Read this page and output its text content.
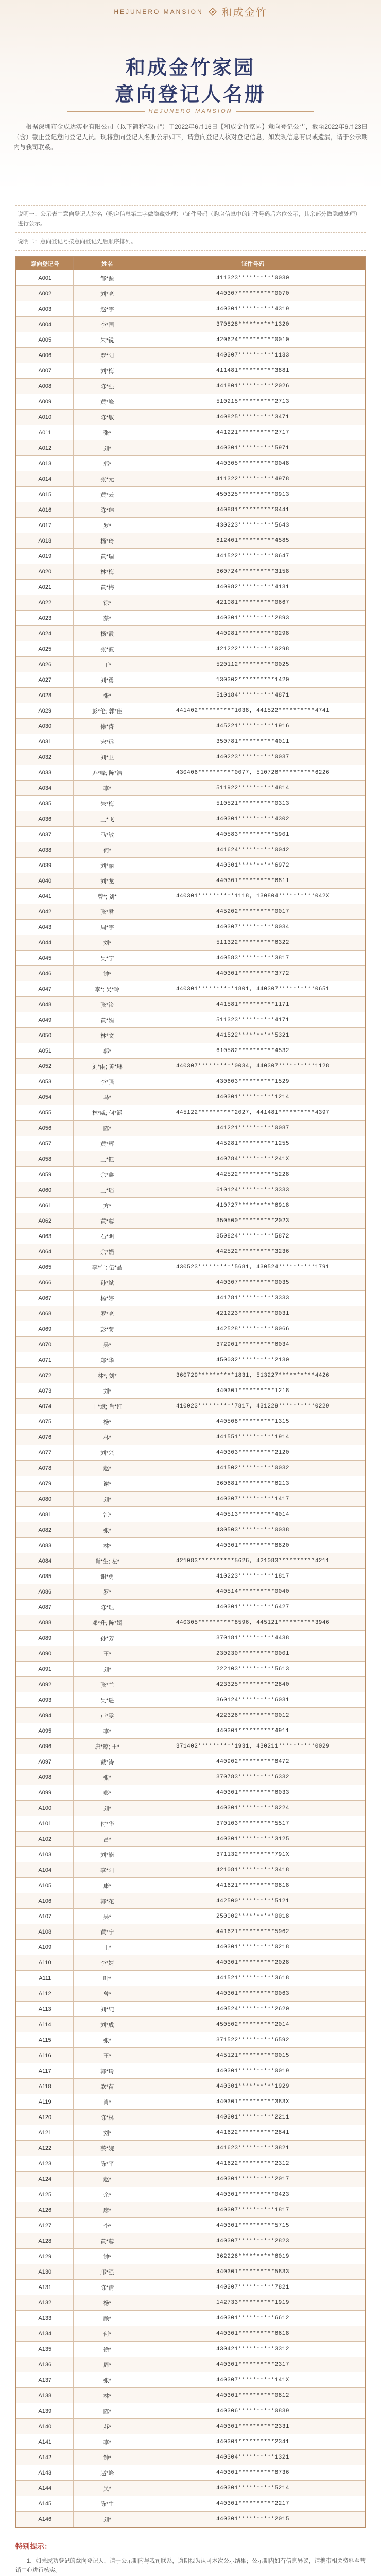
HEJUNERO MANSION 和成金竹
和成金竹家园
意向登记人名册
HEJUNERO MANSION
根据深圳市金成达实业有限公司（以下简称“我司”）于2022年6月16日【和成金竹家园】意向登记公告，截至2022年6月23日（含）截止登记意向登记人员。现将意向登记人名册公示如下，请意向登记人核对登记信息，如发现信息有误或遗漏，请于公示期内与我司联系。
说明一：公示表中意向登记人姓名（购房信息第二字做隐藏处理）+证件号码（购房信息中的证件号码后六位公示，其余部分做隐藏处理）进行公示。
说明二：意向登记号按意向登记先后顺序排列。
意向登记号	姓名	证件号码
A001	邹*源	411323**********0030
A002	刘*亮	440307**********0070
A003	赵*宇	440301**********4319
A004	李*国	370828**********1320
A005	朱*锐	420624**********0010
A006	罗*阳	440307**********1133
A007	刘*梅	411481**********3881
A008	陈*强	441801**********2026
A009	黄*峰	510215**********2713
A010	陈*敏	440825**********3471
A011	张*	441221**********2717
A012	刘*	440301**********5971
A013	郭*	440305**********0048
A014	张*元	411322**********4978
A015	黄*云	450325**********0913
A016	陈*玮	440881**********0441
A017	罗*	430223**********5643
A018	杨*琦	612401**********4585
A019	黄*瑞	441522**********0647
A020	林*梅	360724**********3158
A021	黄*梅	440982**********4131
A022	徐*	421081**********0667
A023	蔡*	440301**********2893
A024	杨*霞	440981**********0298
A025	张*波	421222**********0298
A026	丁*	520112**********0025
A027	刘*勇	130302**********1420
A028	张*	510184**********4871
A029	彭*伦; 郭*佳	441402**********1038, 441522**********4741
A030	徐*涛	445221**********1916
A031	宋*远	350781**********4011
A032	刘*卫	440223**********0037
A033	苏*峰; 陈*浩	430406**********0077, 510726**********6226
A034	李*	511922**********4814
A035	朱*梅	510521**********0313
A036	王*飞	440301**********4302
A037	马*敏	440583**********5901
A038	何*	441624**********0042
A039	刘*丽	440301**********6972
A040	刘*龙	440301**********6811
A041	曾*; 刘*	440301**********1118, 130804**********042X
A042	张*君	445202**********0017
A043	周*宇	440307**********0034
A044	刘*	511322**********6322
A045	吴*宁	440583**********3817
A046	钟*	440301**********3772
A047	李*; 吴*玲	440301**********1801, 440307**********0651
A048	张*淦	441581**********1171
A049	黄*娟	511323**********4171
A050	林*文	441522**********5321
A051	郭*	610582**********4532
A052	刘*雨; 黄*琳	440307**********0034, 440307**********1128
A053	李*强	430603**********1529
A054	马*	440301**********1214
A055	林*威; 何*涵	445122**********2027, 441481**********4397
A056	陈*	441221**********0087
A057	黄*辉	445281**********1255
A058	王*钰	440784**********241X
A059	余*鑫	442522**********5228
A060	王*瑶	610124**********3333
A061	方*	410727**********6918
A062	黄*蓉	350500**********2023
A063	石*明	350824**********5872
A064	余*娟	442522**********3236
A065	李*仁; 伍*晶	430523**********5681, 430524**********1791
A066	孙*斌	440307**********0035
A067	杨*婷	441781**********3333
A068	罗*亮	421223**********0031
A069	彭*菊	442528**********0066
A070	吴*	372901**********6034
A071	郑*华	450032**********2130
A072	林*; 刘*	360729**********1831, 513227**********4426
A073	刘*	440301**********1218
A074	王*斌; 肖*红	410023**********7817, 431229**********0229
A075	杨*	440508**********1315
A076	林*	441551**********1914
A077	刘*兴	440303**********2120
A078	赵*	441502**********0032
A079	谢*	360681**********6213
A080	刘*	440307**********1417
A081	江*	440513**********4014
A082	张*	430503**********0038
A083	林*	440301**********8820
A084	肖*生; 左*	421083**********5626, 421083**********4211
A085	谢*勇	410223**********1817
A086	罗*	440514**********0040
A087	陈*珏	440301**********6427
A088	邓*升; 陈*嫣	440305**********8596, 445121**********3946
A089	孙*芳	370181**********4438
A090	王*	230230**********0001
A091	刘*	222103**********5613
A092	张*兰	423325**********2840
A093	吴*遥	360124**********6031
A094	卢*雯	422326**********0012
A095	李*	440301**********4911
A096	唐*琼; 王*	371402**********1931, 430211**********0029
A097	戴*涛	440902**********8472
A098	张*	370783**********6332
A099	彭*	440301**********6033
A100	刘*	440301**********0224
A101	付*华	370103**********5517
A102	吕*	440301**********3125
A103	刘*能	371132**********791X
A104	李*阳	421081**********3418
A105	康*	441621**********0818
A106	郭*花	442500**********5121
A107	吴*	250002**********0018
A108	黄*宁	441621**********5962
A109	王*	440301**********0218
A110	李*婧	440301**********2028
A111	叶*	441521**********3618
A112	曾*	440301**********0063
A113	刘*纯	440524**********2620
A114	刘*成	450502**********2014
A115	张*	371522**********6592
A116	王*	445121**********0015
A117	郭*玲	440301**********0019
A118	欧*苗	440301**********1929
A119	肖*	440301**********383X
A120	陈*林	440301**********2211
A121	刘*	441622**********2841
A122	蔡*婉	441623**********3821
A123	陈*平	441622**********2312
A124	赵*	440301**********2017
A125	余*	440301**********0423
A126	廖*	440307**********1817
A127	李*	440301**********5715
A128	黄*蓉	440307**********2823
A129	钟*	362226**********6019
A130	邝*强	440301**********5833
A131	陈*清	440307**********7821
A132	杨*	142733**********1919
A133	颜*	440301**********6612
A134	何*	440301**********6618
A135	徐*	430421**********3312
A136	周*	440301**********2317
A137	张*	440307**********141X
A138	林*	440301**********0812
A139	陈*	440306**********0839
A140	苏*	440301**********2331
A141	李*	440301**********2341
A142	钟*	440304**********1321
A143	赵*峰	440301**********8736
A144	吴*	440301**********5214
A145	陈*生	440301**********2217
A146	刘*	440301**********2015
特别提示：
1、如未成功登记的意向登记人，请于公示期内与我司联系，逾期视为认可本次公示结果；公示期内如有信息异议，请携带相关资料至营销中心进行核实。
